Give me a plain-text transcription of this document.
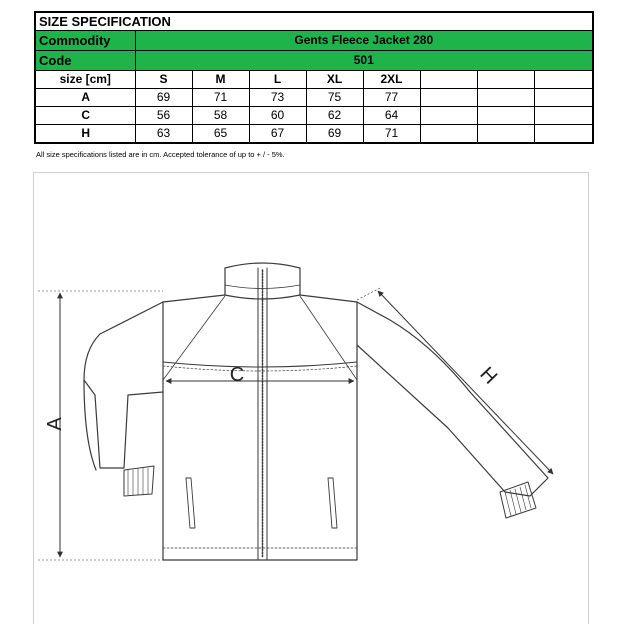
SIZE SPECIFICATION								
Commodity	Gents Fleece Jacket 280							
Code	501							
size [cm]	S	M	L	XL	2XL			
A	69	71	73	75	77			
C	56	58	60	62	64			
H	63	65	67	69	71			
All size specifications listed are in cm. Accepted tolerance of up to + / - 5%.
A
C	H
